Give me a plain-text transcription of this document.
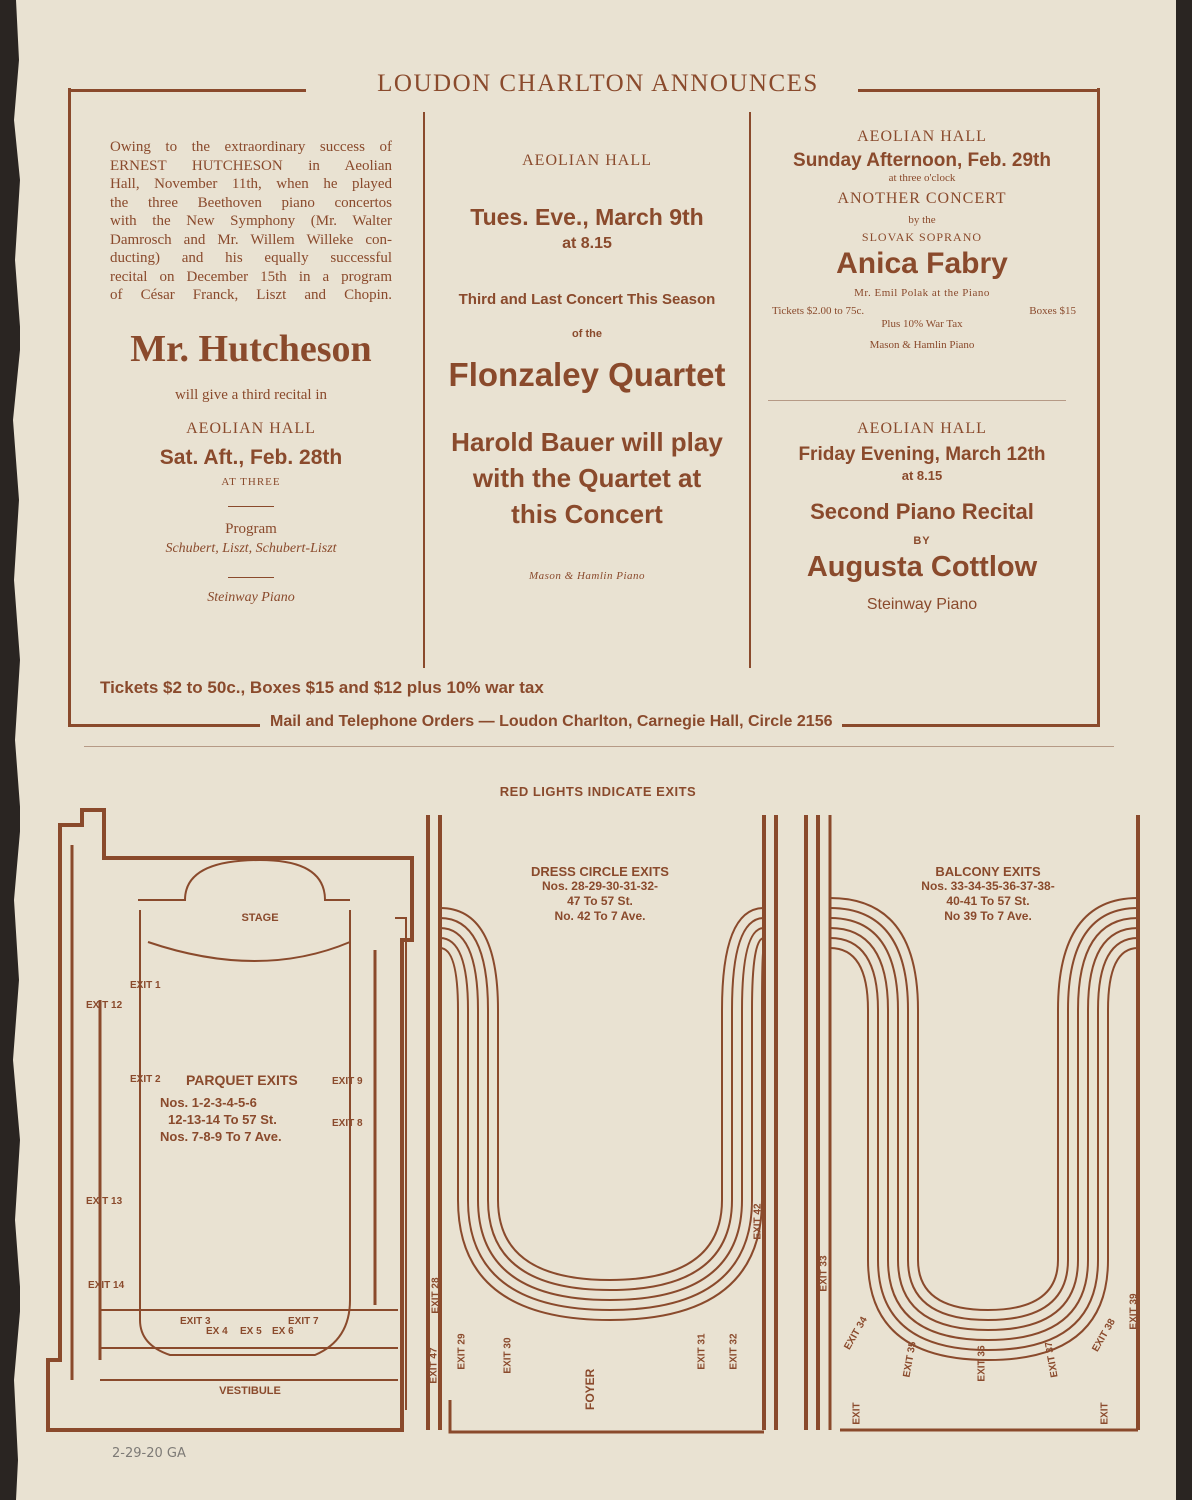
LOUDON CHARLTON ANNOUNCES
Owing to the extraordinary success of
ERNEST HUTCHESON in Aeolian
Hall, November 11th, when he played
the three Beethoven piano concertos
with the New Symphony (Mr. Walter
Damrosch and Mr. Willem Willeke con-
ducting) and his equally successful
recital on December 15th in a program
of César Franck, Liszt and Chopin.
Mr. Hutcheson
will give a third recital in
AEOLIAN HALL
Sat. Aft., Feb. 28th
AT THREE
Program
Schubert, Liszt, Schubert-Liszt
Steinway Piano
AEOLIAN HALL
Tues. Eve., March 9th
at 8.15
Third and Last Concert This Season
of the
Flonzaley Quartet
Harold Bauer will play
with the Quartet at
this Concert
Mason & Hamlin Piano
AEOLIAN HALL
Sunday Afternoon, Feb. 29th
at three o'clock
ANOTHER CONCERT
by the
SLOVAK SOPRANO
Anica Fabry
Mr. Emil Polak at the Piano
Tickets $2.00 to 75c.	Boxes $15
Plus 10% War Tax
Mason & Hamlin Piano
AEOLIAN HALL
Friday Evening, March 12th
at 8.15
Second Piano Recital
BY
Augusta Cottlow
Steinway Piano
Tickets $2 to 50c., Boxes $15 and $12 plus 10% war tax
Mail and Telephone Orders — Loudon Charlton, Carnegie Hall, Circle 2156
RED LIGHTS INDICATE EXITS
STAGE
VESTIBULE	FOYER
PARQUET EXITS
Nos. 1-2-3-4-5-6
12-13-14 To 57 St.
Nos. 7-8-9 To 7 Ave.
EXIT 1
EXIT 2	EXIT 9
EXIT 8
EXIT 12
EXIT 13
EXIT 14
EXIT 3
EX 4 EX 5 EX 6
EXIT 7
DRESS CIRCLE EXITS
Nos. 28-29-30-31-32-
47 To 57 St.
No. 42 To 7 Ave.
EXIT 28
EXIT 47 EXIT 29	EXIT 30	EXIT 31 EXIT 32
EXIT 42
BALCONY EXITS
Nos. 33-34-35-36-37-38-
40-41 To 57 St.
No 39 To 7 Ave.
EXIT 33
EXIT 34
EXIT 35	EXIT 36	EXIT 37
EXIT 38
EXIT 39
EXIT	EXIT
2-29-20 GA
